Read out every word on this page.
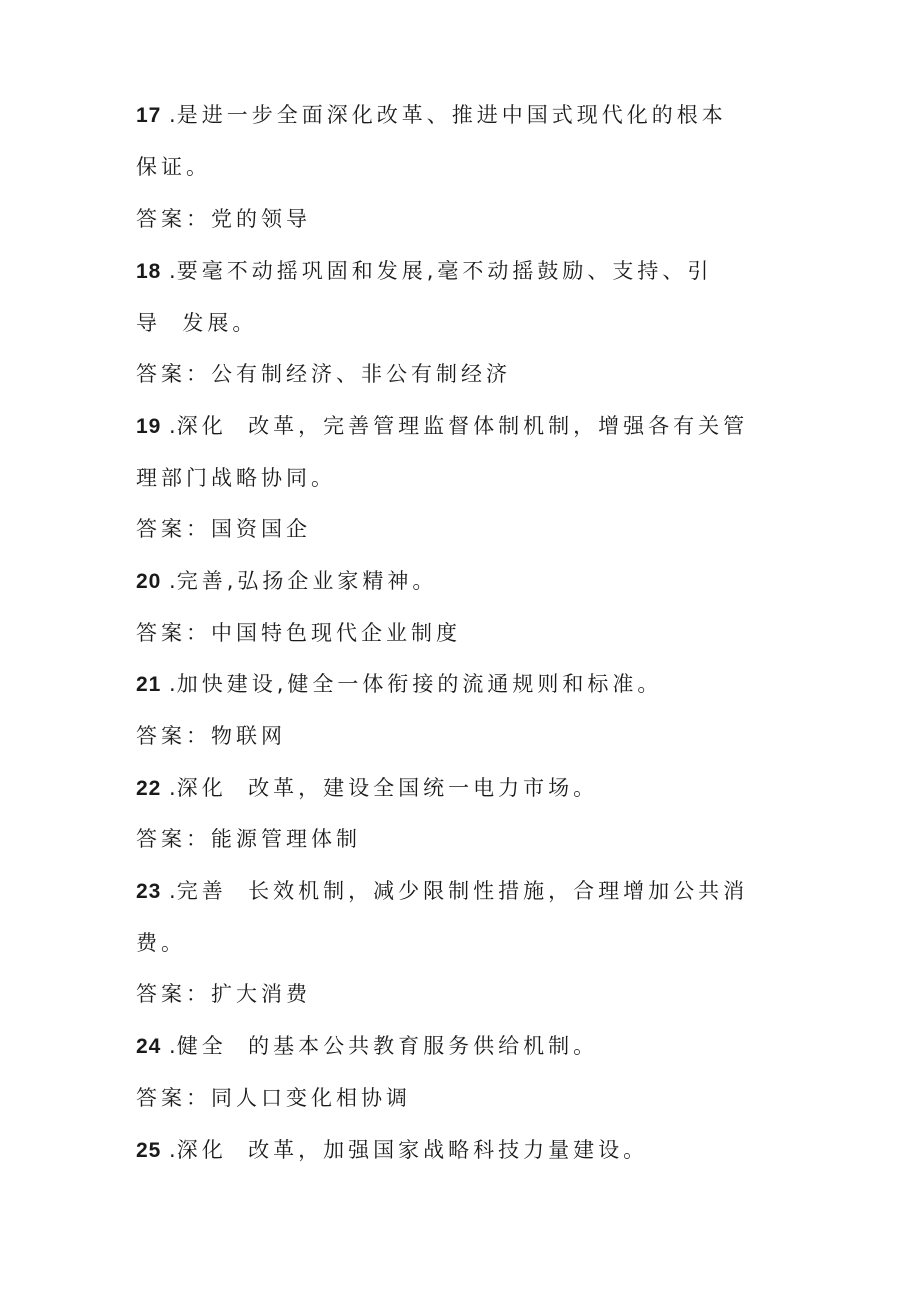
17 .是进一步全面深化改革、推进中国式现代化的根本
保证。
答案：党的领导
18 .要毫不动摇巩固和发展,毫不动摇鼓励、支持、引
导  发展。
答案：公有制经济、非公有制经济
19 .深化  改革，完善管理监督体制机制，增强各有关管
理部门战略协同。
答案：国资国企
20 .完善,弘扬企业家精神。
答案：中国特色现代企业制度
21 .加快建设,健全一体衔接的流通规则和标准。
答案：物联网
22 .深化  改革，建设全国统一电力市场。
答案：能源管理体制
23 .完善  长效机制，减少限制性措施，合理增加公共消
费。
答案：扩大消费
24 .健全  的基本公共教育服务供给机制。
答案：同人口变化相协调
25 .深化  改革，加强国家战略科技力量建设。
